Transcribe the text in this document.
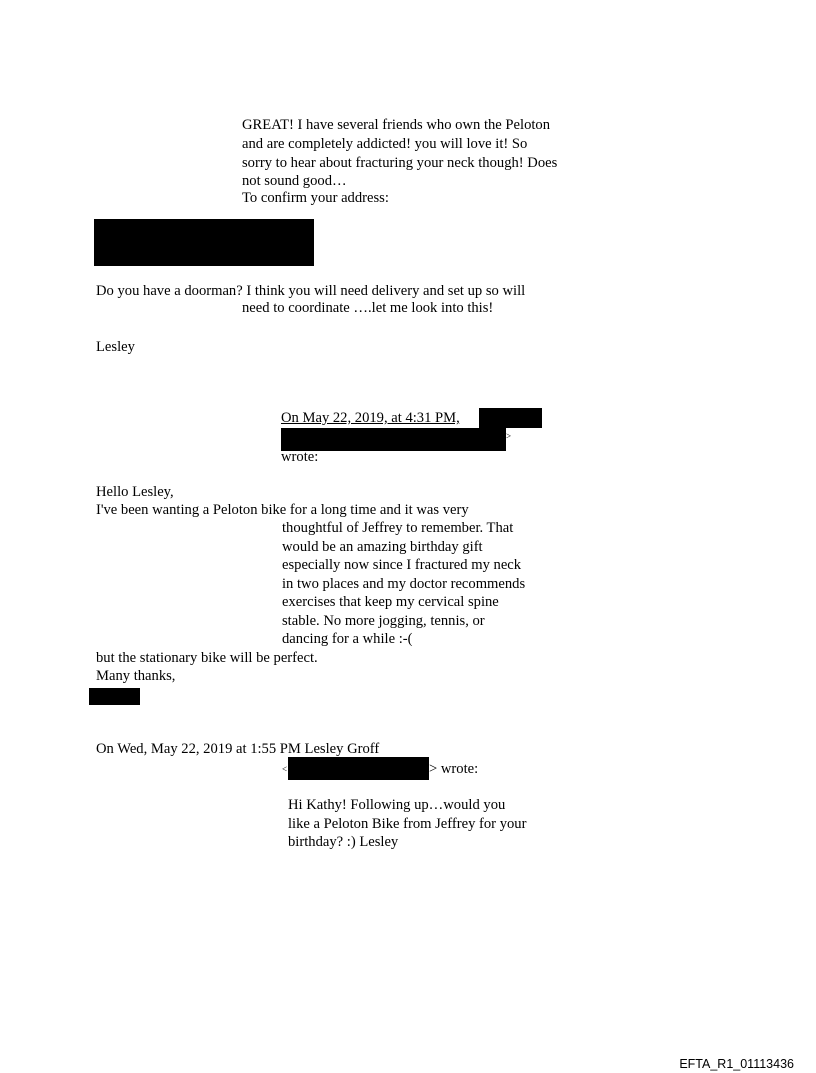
GREAT! I have several friends who own the Peloton
and are completely addicted! you will love it! So
sorry to hear about fracturing your neck though! Does
not sound good…
To confirm your address:
Do you have a doorman? I think you will need delivery and set up so will
need to coordinate ….let me look into this!
Lesley
On May 22, 2019, at 4:31 PM,
>
wrote:
Hello Lesley,
I've been wanting a Peloton bike for a long time and it was very
thoughtful of Jeffrey to remember. That
would be an amazing birthday gift
especially now since I fractured my neck
in two places and my doctor recommends
exercises that keep my cervical spine
stable. No more jogging, tennis, or
dancing for a while :-(
but the stationary bike will be perfect.
Many thanks,
On Wed, May 22, 2019 at 1:55 PM Lesley Groff
<	> wrote:
Hi Kathy! Following up…would you
like a Peloton Bike from Jeffrey for your
birthday? :) Lesley
EFTA_R1_01113436
